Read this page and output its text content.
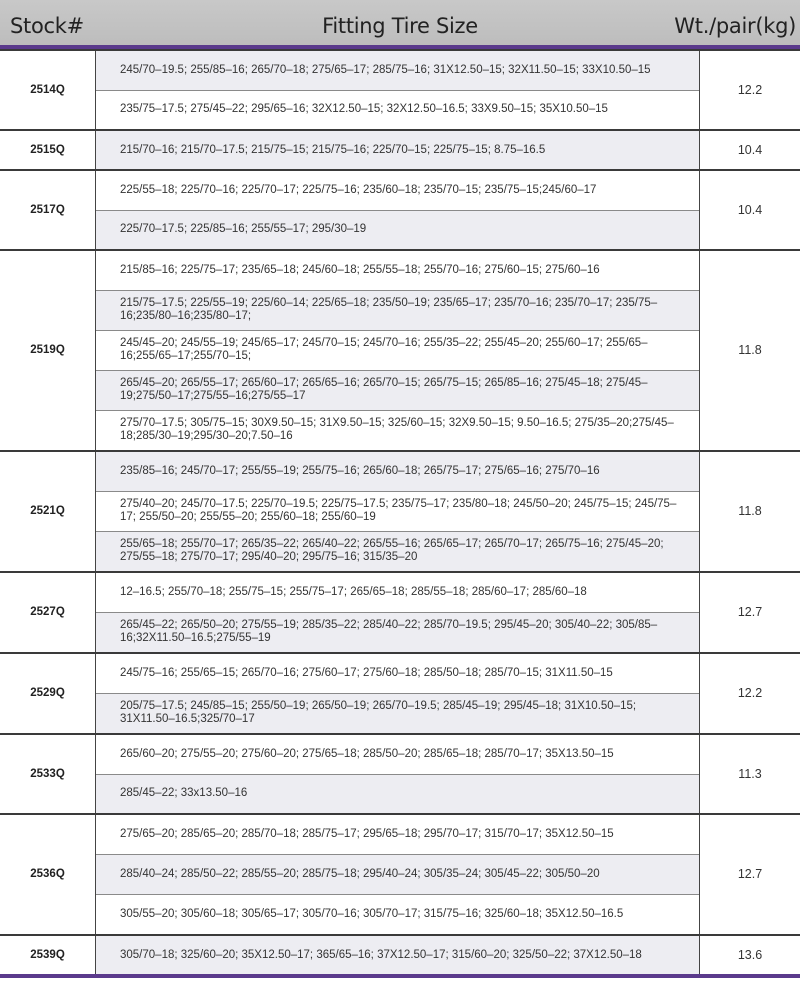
Stock#	Fitting Tire Size	Wt./pair(kg)
2514Q	245/70–19.5; 255/85–16; 265/70–18; 275/65–17; 285/75–16; 31X12.50–15; 32X11.50–15; 33X10.50–15	12.2
	235/75–17.5; 275/45–22; 295/65–16; 32X12.50–15; 32X12.50–16.5; 33X9.50–15; 35X10.50–15	
2515Q	215/70–16; 215/70–17.5; 215/75–15; 215/75–16; 225/70–15; 225/75–15; 8.75–16.5	10.4
2517Q	225/55–18; 225/70–16; 225/70–17; 225/75–16; 235/60–18; 235/70–15; 235/75–15;245/60–17	10.4
	225/70–17.5; 225/85–16; 255/55–17; 295/30–19	
2519Q	215/85–16; 225/75–17; 235/65–18; 245/60–18; 255/55–18; 255/70–16; 275/60–15; 275/60–16	11.8
	215/75–17.5; 225/55–19; 225/60–14; 225/65–18; 235/50–19; 235/65–17; 235/70–16; 235/70–17; 235/75–16;235/80–16;235/80–17;	
	245/45–20; 245/55–19; 245/65–17; 245/70–15; 245/70–16; 255/35–22; 255/45–20; 255/60–17; 255/65–16;255/65–17;255/70–15;	
	265/45–20; 265/55–17; 265/60–17; 265/65–16; 265/70–15; 265/75–15; 265/85–16; 275/45–18; 275/45–19;275/50–17;275/55–16;275/55–17	
	275/70–17.5; 305/75–15; 30X9.50–15; 31X9.50–15; 325/60–15; 32X9.50–15; 9.50–16.5; 275/35–20;275/45–18;285/30–19;295/30–20;7.50–16	
2521Q	235/85–16; 245/70–17; 255/55–19; 255/75–16; 265/60–18; 265/75–17; 275/65–16; 275/70–16	11.8
	275/40–20; 245/70–17.5; 225/70–19.5; 225/75–17.5; 235/75–17; 235/80–18; 245/50–20; 245/75–15; 245/75–17; 255/50–20; 255/55–20; 255/60–18; 255/60–19	
	255/65–18; 255/70–17; 265/35–22; 265/40–22; 265/55–16; 265/65–17; 265/70–17; 265/75–16; 275/45–20; 275/55–18; 275/70–17; 295/40–20; 295/75–16; 315/35–20	
2527Q	12–16.5; 255/70–18; 255/75–15; 255/75–17; 265/65–18; 285/55–18; 285/60–17; 285/60–18	12.7
	265/45–22; 265/50–20; 275/55–19; 285/35–22; 285/40–22; 285/70–19.5; 295/45–20; 305/40–22; 305/85–16;32X11.50–16.5;275/55–19	
2529Q	245/75–16; 255/65–15; 265/70–16; 275/60–17; 275/60–18; 285/50–18; 285/70–15; 31X11.50–15	12.2
	205/75–17.5; 245/85–15; 255/50–19; 265/50–19; 265/70–19.5; 285/45–19; 295/45–18; 31X10.50–15; 31X11.50–16.5;325/70–17	
2533Q	265/60–20; 275/55–20; 275/60–20; 275/65–18; 285/50–20; 285/65–18; 285/70–17; 35X13.50–15	11.3
	285/45–22; 33x13.50–16	
2536Q	275/65–20; 285/65–20; 285/70–18; 285/75–17; 295/65–18; 295/70–17; 315/70–17; 35X12.50–15	12.7
	285/40–24; 285/50–22; 285/55–20; 285/75–18; 295/40–24; 305/35–24; 305/45–22; 305/50–20	
	305/55–20; 305/60–18; 305/65–17; 305/70–16; 305/70–17; 315/75–16; 325/60–18; 35X12.50–16.5	
2539Q	305/70–18; 325/60–20; 35X12.50–17; 365/65–16; 37X12.50–17; 315/60–20; 325/50–22; 37X12.50–18	13.6
